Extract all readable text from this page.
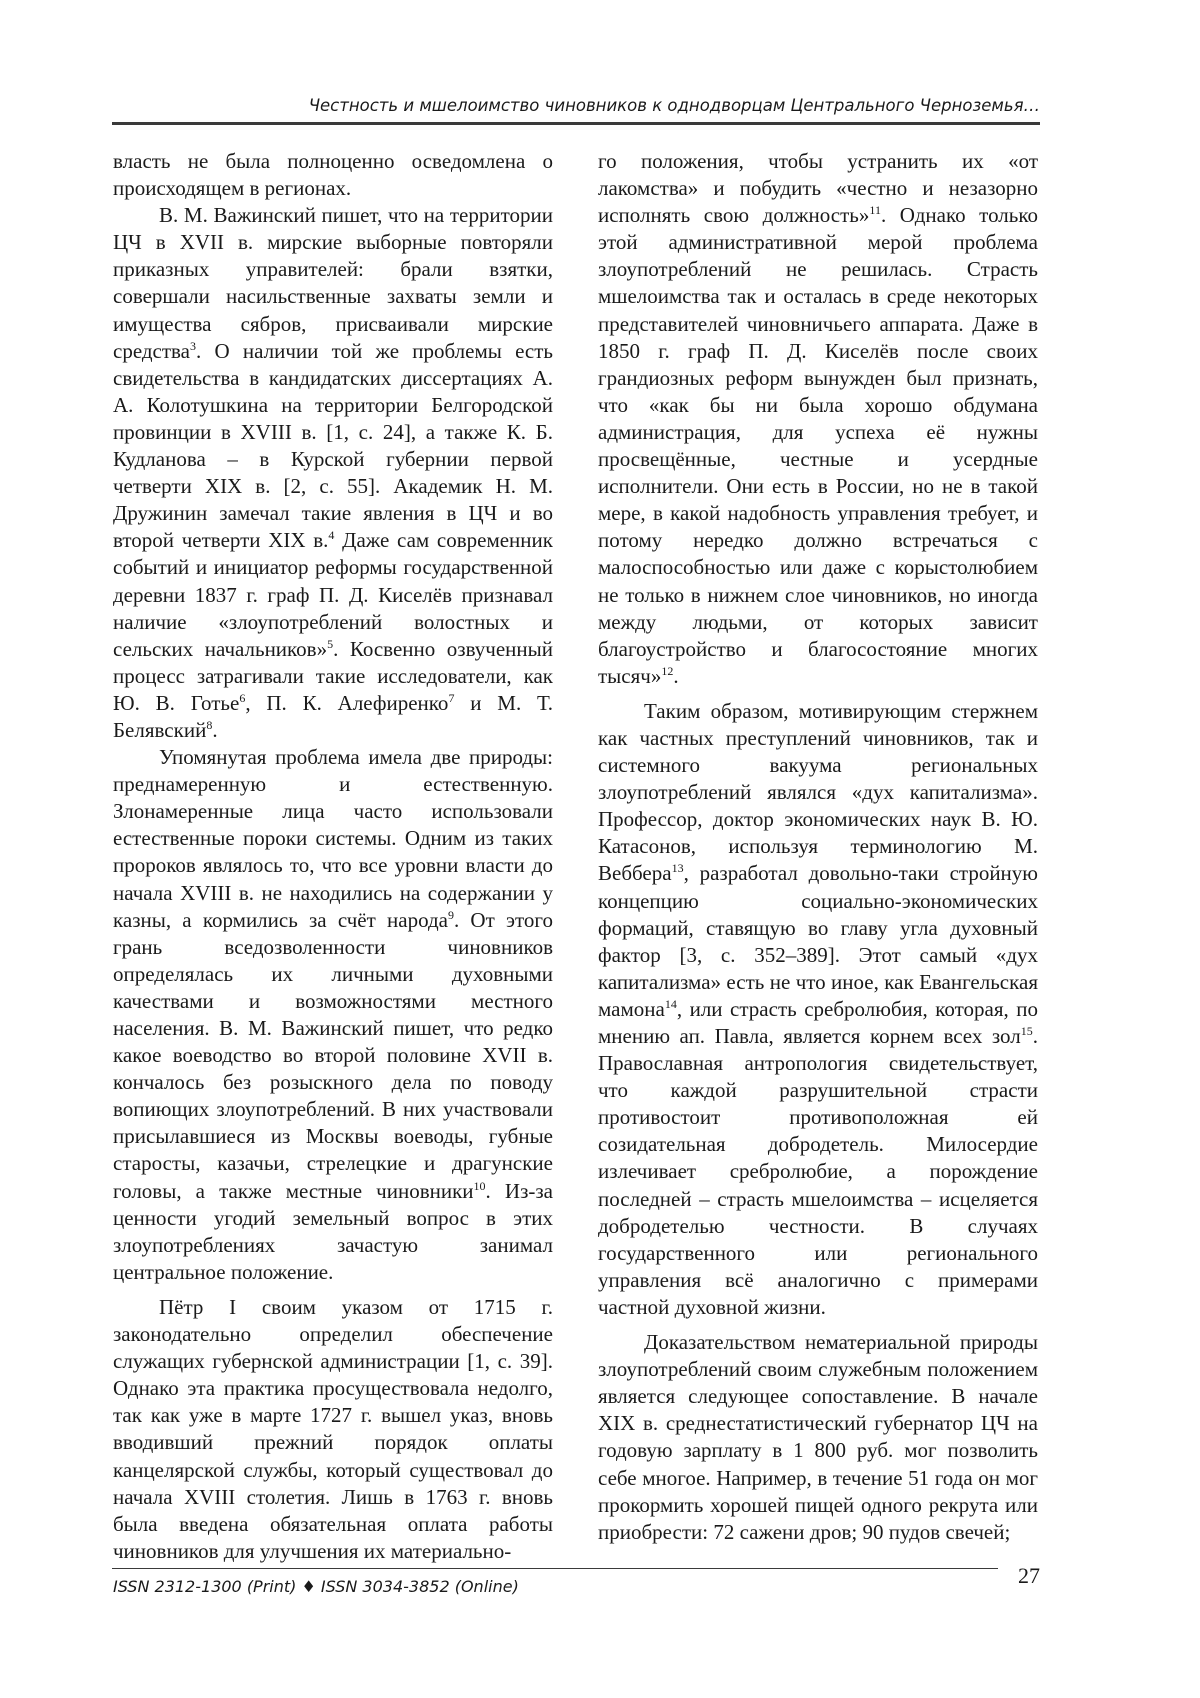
Честность и мшелоимство чиновников к однодворцам Центрального Черноземья…

власть не была полноценно осведомлена о происходящем в регионах.

В. М. Важинский пишет, что на территории ЦЧ в XVII в. мирские выборные повторяли приказных управителей: брали взятки, совершали насильственные захваты земли и имущества сябров, присваивали мирские средства$^3$. О наличии той же проблемы есть свидетельства в кандидатских диссертациях А. А. Колотушкина на территории Белгородской провинции в XVIII в. [1, с. 24], а также К. Б. Кудланова – в Курской губернии первой четверти XIX в. [2, с. 55]. Академик Н. М. Дружинин замечал такие явления в ЦЧ и во второй четверти XIX в.$^4$ Даже сам современник событий и инициатор реформы государственной деревни 1837 г. граф П. Д. Киселёв признавал наличие «злоупотреблений волостных и сельских начальников»$^5$. Косвенно озвученный процесс затрагивали такие исследователи, как Ю. В. Готье$^6$, П. К. Алефиренко$^7$ и М. Т. Белявский$^8$.

Упомянутая проблема имела две природы: преднамеренную и естественную. Злонамеренные лица часто использовали естественные пороки системы. Одним из таких пророков являлось то, что все уровни власти до начала XVIII в. не находились на содержании у казны, а кормились за счёт народа$^9$. От этого грань вседозволенности чиновников определялась их личными духовными качествами и возможностями местного населения. В. М. Важинский пишет, что редко какое воеводство во второй половине XVII в. кончалось без розыскного дела по поводу вопиющих злоупотреблений. В них участвовали присылавшиеся из Москвы воеводы, губные старосты, казачьи, стрелецкие и драгунские головы, а также местные чиновники$^{10}$. Из-за ценности угодий земельный вопрос в этих злоупотреблениях зачастую занимал центральное положение.

Пётр I своим указом от 1715 г. законодательно определил обеспечение служащих губернской администрации [1, с. 39]. Однако эта практика просуществовала недолго, так как уже в марте 1727 г. вышел указ, вновь вводивший прежний порядок оплаты канцелярской службы, который существовал до начала XVIII столетия. Лишь в 1763 г. вновь была введена обязательная оплата работы чиновников для улучшения их материально-

го положения, чтобы устранить их «от лакомства» и побудить «честно и незазорно исполнять свою должность»$^{11}$. Однако только этой административной мерой проблема злоупотреблений не решилась. Страсть мшелоимства так и осталась в среде некоторых представителей чиновничьего аппарата. Даже в 1850 г. граф П. Д. Киселёв после своих грандиозных реформ вынужден был признать, что «как бы ни была хорошо обдумана администрация, для успеха её нужны просвещённые, честные и усердные исполнители. Они есть в России, но не в такой мере, в какой надобность управления требует, и потому нередко должно встречаться с малоспособностью или даже с корыстолюбием не только в нижнем слое чиновников, но иногда между людьми, от которых зависит благоустройство и благосостояние многих тысяч»$^{12}$.

Таким образом, мотивирующим стержнем как частных преступлений чиновников, так и системного вакуума региональных злоупотреблений являлся «дух капитализма». Профессор, доктор экономических наук В. Ю. Катасонов, используя терминологию М. Веббера$^{13}$, разработал довольно-таки стройную концепцию социально-экономических формаций, ставящую во главу угла духовный фактор [3, с. 352–389]. Этот самый «дух капитализма» есть не что иное, как Евангельская мамона$^{14}$, или страсть сребролюбия, которая, по мнению ап. Павла, является корнем всех зол$^{15}$. Православная антропология свидетельствует, что каждой разрушительной страсти противостоит противоположная ей созидательная добродетель. Милосердие излечивает сребролюбие, а порождение последней – страсть мшелоимства – исцеляется добродетелью честности. В случаях государственного или регионального управления всё аналогично с примерами частной духовной жизни.

Доказательством нематериальной природы злоупотреблений своим служебным положением является следующее сопоставление. В начале XIX в. среднестатистический губернатор ЦЧ на годовую зарплату в 1 800 руб. мог позволить себе многое. Например, в течение 51 года он мог прокормить хорошей пищей одного рекрута или приобрести: 72 сажени дров; 90 пудов свечей;

ISSN 2312-1300 (Print) ♦ ISSN 3034-3852 (Online)	27
